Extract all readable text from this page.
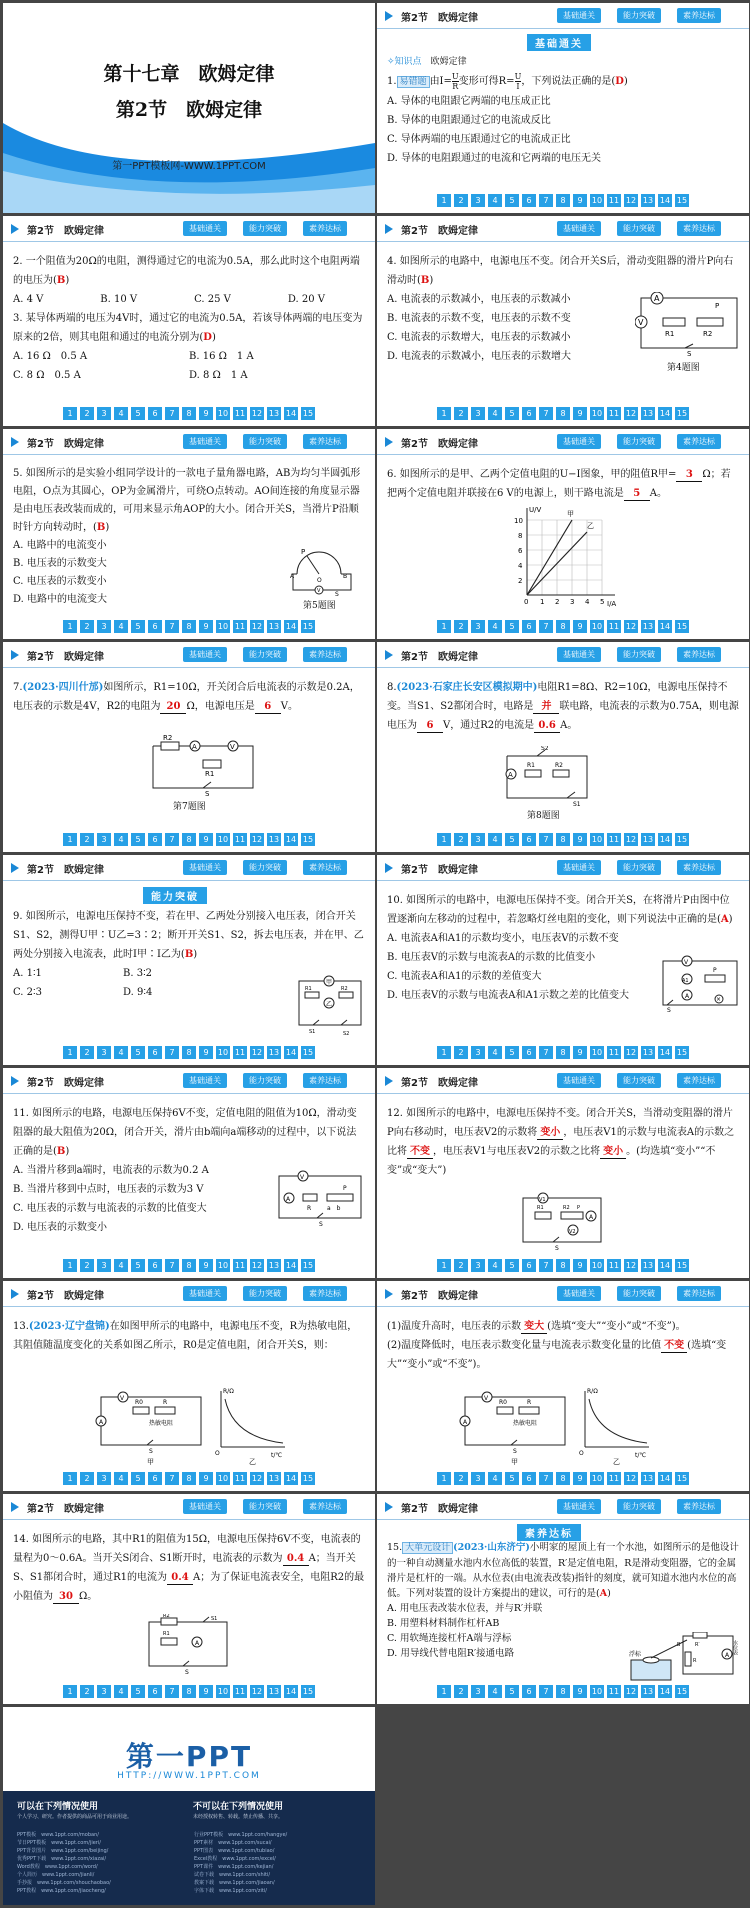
第十七章　欧姆定律
第2节　欧姆定律
第一PPT模板网-WWW.1PPT.COM
第2节　欧姆定律	基础通关	能力突破	素养达标
基础通关

✧知识点　 欧姆定律

1. 易错题 由$I= \frac{U}{R}$ 变形可得$R= \frac{U}{I}$ ，下列说法正确的是(D)

A. 导体的电阻跟它两端的电压成正比

B. 导体的电阻跟通过它的电流成反比

C. 导体两端的电压跟通过它的电流成正比

D. 导体的电阻跟通过的电流和它两端的电压无关

1	2	3	4	5	6	7	8	9	10 11 12 13 14 15
第2节　欧姆定律	基础通关	能力突破	素养达标

2. 一个阻值为20Ω的电阻，测得通过它的电流为0.5A，那么此时这个电阻两端的电压为(B)

A. 4 V	B. 10 V	C. 25 V	D. 20 V

3. 某导体两端的电压为4V时，通过它的电流为0.5A，若该导体两端的电压变为原来的2倍，则其电阻和通过的电流分别为(D)

A. 16 Ω　0.5 A	B. 16 Ω　1 A

C. 8 Ω　0.5 A	D. 8 Ω　1 A

1	2	3	4	5	6	7	8	9	10 11 12 13 14 15
第2节　欧姆定律	基础通关	能力突破	素养达标

4. 如图所示的电路中，电源电压不变。闭合开关S后，滑动变阻器的滑片P向右滑动时(B)

A. 电流表的示数减小，电压表的示数减小

B. 电流表的示数不变，电压表的示数不变

C. 电流表的示数增大，电压表的示数减小

D. 电流表的示数减小，电压表的示数增大

A
V
R1	R2
P
S
第4题图
1	2	3	4	5	6	7	8	9	10 11 12 13 14 15
第2节　欧姆定律	基础通关	能力突破	素养达标

5. 如图所示的是实验小组同学设计的一款电子量角器电路，AB为均匀半圆弧形电阻，O点为其圆心，OP为金属滑片，可绕O点转动。AO间连接的角度显示器是由电压表改装而成的，可用来显示角AOP的大小。闭合开关S，当滑片P沿顺时针方向转动时，(B)

A. 电路中的电流变小

B. 电压表的示数变大

C. 电压表的示数变小

D. 电路中的电流变大

P
O
A	B
V S
第5题图
1	2	3	4	5	6	7	8	9	10 11 12 13 14 15
第2节　欧姆定律	基础通关	能力突破	素养达标

6. 如图所示的是甲、乙两个定值电阻的U−I图象，甲的阻值R甲= 3 Ω；若把两个定值电阻并联接在6 V的电源上，则干路电流是 5 A。

甲
乙
U/V
I/A
0 1 2 3 4 5
2
4
6
8
10
1	2	3	4	5	6	7	8	9	10 11 12 13 14 15
第2节　欧姆定律	基础通关	能力突破	素养达标

7.(2023·四川什邡)如图所示，R1=10Ω，开关闭合后电流表的示数是0.2A，电压表的示数是4V，R2的电阻为 20 Ω，电源电压是 6 V。

R2
A	V
R1
S
第7题图
1	2	3	4	5	6	7	8	9	10 11 12 13 14 15
第2节　欧姆定律	基础通关	能力突破	素养达标

8.(2023·石家庄长安区模拟期中)电阻R1=8Ω、R2=10Ω，电源电压保持不变。当S1、S2都闭合时，电路是 并 联电路，电流表的示数为0.75A，则电源电压为 6 V，通过R2的电流是 0.6 A。

S2
R1	R2
A
S1
第8题图
1	2	3	4	5	6	7	8	9	10 11 12 13 14 15
第2节　欧姆定律	基础通关	能力突破	素养达标
能力突破

9. 如图所示，电源电压保持不变，若在甲、乙两处分别接入电压表，闭合开关S1、S2，测得U甲∶U乙=3∶2；断开开关S1、S2，拆去电压表，并在甲、乙两处分别接入电流表，此时I甲∶I乙为(B)

A. 1∶1	B. 3∶2

C. 2∶3	D. 9∶4

甲
乙
R1	R2
S1	S2
1	2	3	4	5	6	7	8	9	10 11 12 13 14 15
第2节　欧姆定律	基础通关	能力突破	素养达标

10. 如图所示的电路中，电源电压保持不变。闭合开关S，在将滑片P由图中位置逐渐向左移动的过程中，若忽略灯丝电阻的变化，则下列说法中正确的是(A)

A. 电流表A和A1的示数均变小，电压表V的示数不变

B. 电压表V的示数与电流表A的示数的比值变小

C. 电流表A和A1的示数的差值变大

D. 电压表V的示数与电流表A和A1示数之差的比值变大

V
A1
A
P
×
S
1	2	3	4	5	6	7	8	9	10 11 12 13 14 15
第2节　欧姆定律	基础通关	能力突破	素养达标

11. 如图所示的电路，电源电压保持6V不变，定值电阻的阻值为10Ω，滑动变阻器的最大阻值为20Ω，闭合开关，滑片由b端向a端移动的过程中，以下说法正确的是(B)

A. 当滑片移到a端时，电流表的示数为0.2 A

B. 当滑片移到中点时，电压表的示数为3 V

C. 电压表的示数与电流表的示数的比值变大

D. 电压表的示数变小

V
A
R	a　b
P
S
1	2	3	4	5	6	7	8	9	10 11 12 13 14 15
第2节　欧姆定律	基础通关	能力突破	素养达标

12. 如图所示的电路中，电源电压保持不变。闭合开关S，当滑动变阻器的滑片P向右移动时，电压表V2的示数将 变小 ，电压表V1的示数与电流表A的示数之比将 不变 ，电压表V1与电压表V2的示数之比将 变小 。(均选填“变小”“不变”或“变大”)

V1
R1	R2 P
A
V2
S
1	2	3	4	5	6	7	8	9	10 11 12 13 14 15
第2节　欧姆定律	基础通关	能力突破	素养达标

13.(2023·辽宁盘锦)在如图甲所示的电路中，电源电压不变，R为热敏电阻，其阻值随温度变化的关系如图乙所示，R0是定值电阻，闭合开关S，则：

V
R0	R
热敏电阻
A
S
甲
R/Ω
t/℃
O
乙
1	2	3	4	5	6	7	8	9	10 11 12 13 14 15
第2节　欧姆定律	基础通关	能力突破	素养达标

(1)温度升高时，电压表的示数 变大 (选填“变大”“变小”或“不变”)。

(2)温度降低时，电压表示数变化量与电流表示数变化量的比值 不变 (选填“变大”“变小”或“不变”)。

V
R0	R
热敏电阻
A
S
甲
R/Ω
t/℃
O
乙
1	2	3	4	5	6	7	8	9	10 11 12 13 14 15
第2节　欧姆定律	基础通关	能力突破	素养达标

14. 如图所示的电路，其中R1的阻值为15Ω，电源电压保持6V不变，电流表的量程为0～0.6A。当开关S闭合、S1断开时，电流表的示数为 0.4 A；当开关S、S1都闭合时，通过R1的电流为 0.4 A；为了保证电流表安全，电阻R2的最小阻值为 30 Ω。

R2
R1
A
S1
S
1	2	3	4	5	6	7	8	9	10 11 12 13 14 15
第2节　欧姆定律	基础通关	能力突破	素养达标
素养达标

15. 大单元设计 (2023·山东济宁)小明家的屋顶上有一个水池，如图所示的是他设计的一种自动测量水池内水位高低的装置，R′是定值电阻，R是滑动变阻器，它的金属滑片是杠杆的一端。从水位表(由电流表改装)指针的刻度，就可知道水池内水位的高低。下列对装置的设计方案提出的建议，可行的是(A)

A. 用电压表改装水位表，并与R′并联

B. 用塑料材料制作杠杆AB

C. 用软绳连接杠杆A端与浮标

D. 用导线代替电阻R′接通电路	浮标
R′
R
A
水位表
B
1	2	3	4	5	6	7	8	9	10 11 12 13 14 15
第一PPT
HTTP://WWW.1PPT.COM
可以在下列情况使用
个人学习、研究。作者提供的商品可用于商业用途。
不可以在下列情况使用
未经授权转售、转载。禁止传播、共享。
PPT模板　www.1ppt.com/moban/	行业PPT模板　www.1ppt.com/hangye/
节日PPT模板　www.1ppt.com/jieri/	PPT素材　www.1ppt.com/sucai/
PPT背景图片　www.1ppt.com/beijing/	PPT图表　www.1ppt.com/tubiao/
优秀PPT下载　www.1ppt.com/xiazai/	Excel教程　www.1ppt.com/excel/
Word教程　www.1ppt.com/word/	PPT课件　www.1ppt.com/kejian/
个人简历　www.1ppt.com/jianli/	试卷下载　www.1ppt.com/shiti/
手抄报　www.1ppt.com/shouchaobao/	教案下载　www.1ppt.com/jiaoan/
PPT教程　www.1ppt.com/jiaocheng/	字体下载　www.1ppt.com/ziti/
